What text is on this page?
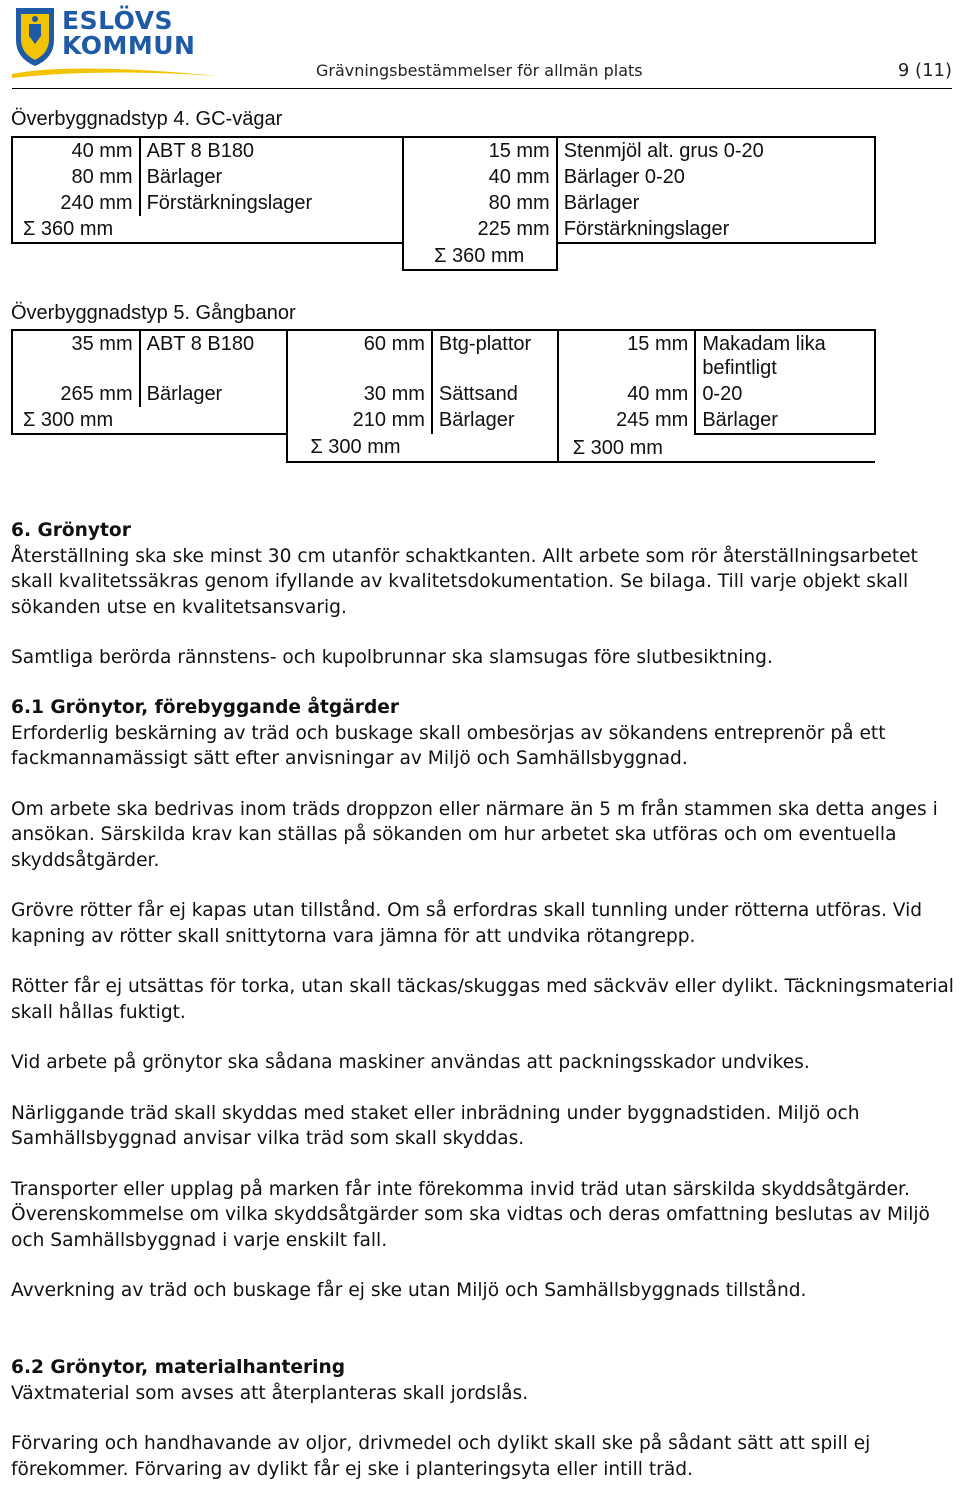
ESLÖVS
KOMMUN
Grävningsbestämmelser för allmän plats	9 (11)
Överbyggnadstyp 4. GC-vägar
40 mm	ABT 8 B180	15 mm	Stenmjöl alt. grus 0-20
80 mm	Bärlager	40 mm	Bärlager 0-20
240 mm	Förstärkningslager	80 mm	Bärlager
Σ 360 mm		225 mm	Förstärkningslager
		Σ 360 mm	
Överbyggnadstyp 5. Gångbanor
35 mm	ABT 8 B180	60 mm	Btg-plattor	15 mm	Makadam lika befintligt
265 mm	Bärlager	30 mm	Sättsand	40 mm	0-20
Σ 300 mm		210 mm	Bärlager	245 mm	Bärlager
		Σ 300 mm		Σ 300 mm	

6. Grönytor

Återställning ska ske minst 30 cm utanför schaktkanten. Allt arbete som rör återställningsarbetet skall kvalitetssäkras genom ifyllande av kvalitetsdokumentation. Se bilaga. Till varje objekt skall sökanden utse en kvalitetsansvarig.

Samtliga berörda rännstens- och kupolbrunnar ska slamsugas före slutbesiktning.

6.1 Grönytor, förebyggande åtgärder

Erforderlig beskärning av träd och buskage skall ombesörjas av sökandens entreprenör på ett fackmannamässigt sätt efter anvisningar av Miljö och Samhällsbyggnad.

Om arbete ska bedrivas inom träds droppzon eller närmare än 5 m från stammen ska detta anges i ansökan. Särskilda krav kan ställas på sökanden om hur arbetet ska utföras och om eventuella skyddsåtgärder.

Grövre rötter får ej kapas utan tillstånd. Om så erfordras skall tunnling under rötterna utföras. Vid kapning av rötter skall snittytorna vara jämna för att undvika rötangrepp.

Rötter får ej utsättas för torka, utan skall täckas/skuggas med säckväv eller dylikt. Täckningsmaterial skall hållas fuktigt.

Vid arbete på grönytor ska sådana maskiner användas att packningsskador undvikes.

Närliggande träd skall skyddas med staket eller inbrädning under byggnadstiden. Miljö och Samhällsbyggnad anvisar vilka träd som skall skyddas.

Transporter eller upplag på marken får inte förekomma invid träd utan särskilda skyddsåtgärder. Överenskommelse om vilka skyddsåtgärder som ska vidtas och deras omfattning beslutas av Miljö och Samhällsbyggnad i varje enskilt fall.

Avverkning av träd och buskage får ej ske utan Miljö och Samhällsbyggnads tillstånd.

6.2 Grönytor, materialhantering

Växtmaterial som avses att återplanteras skall jordslås.

Förvaring och handhavande av oljor, drivmedel och dylikt skall ske på sådant sätt att spill ej förekommer. Förvaring av dylikt får ej ske i planteringsyta eller intill träd.
